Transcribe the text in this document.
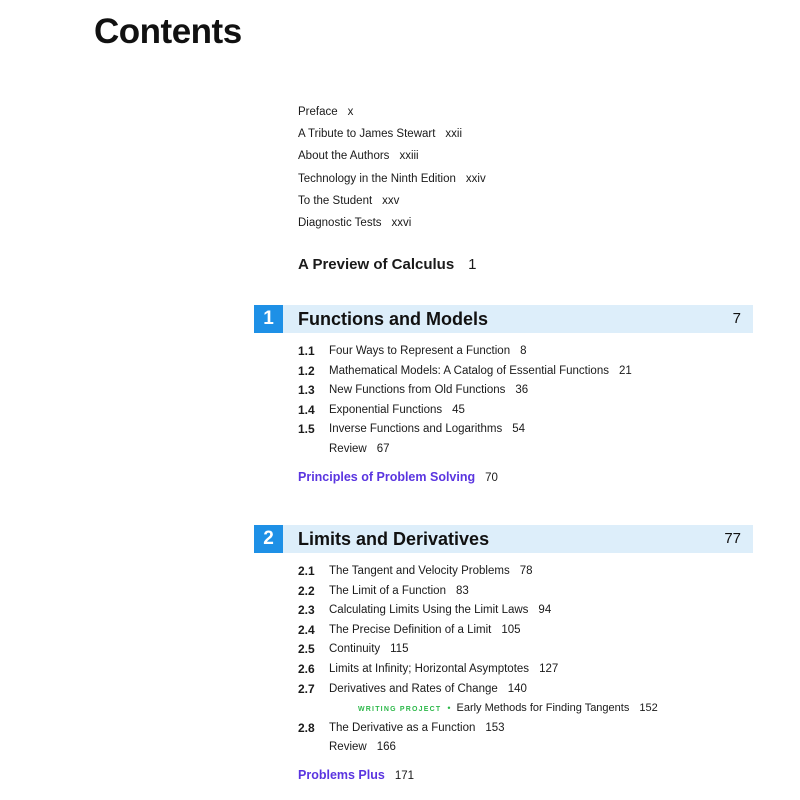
Contents
Preface x
A Tribute to James Stewart xxii
About the Authors xxiii
Technology in the Ninth Edition xxiv
To the Student xxv
Diagnostic Tests xxvi
A Preview of Calculus 1
1	Functions and Models	7
1.1 Four Ways to Represent a Function 8
1.2 Mathematical Models: A Catalog of Essential Functions 21
1.3 New Functions from Old Functions 36
1.4 Exponential Functions 45
1.5 Inverse Functions and Logarithms 54
Review 67
Principles of Problem Solving 70
2	Limits and Derivatives	77
2.1 The Tangent and Velocity Problems 78
2.2 The Limit of a Function 83
2.3 Calculating Limits Using the Limit Laws 94
2.4 The Precise Definition of a Limit 105
2.5 Continuity 115
2.6 Limits at Infinity; Horizontal Asymptotes 127
2.7 Derivatives and Rates of Change 140
WRITING PROJECT • Early Methods for Finding Tangents 152
2.8 The Derivative as a Function 153
Review 166
Problems Plus 171
